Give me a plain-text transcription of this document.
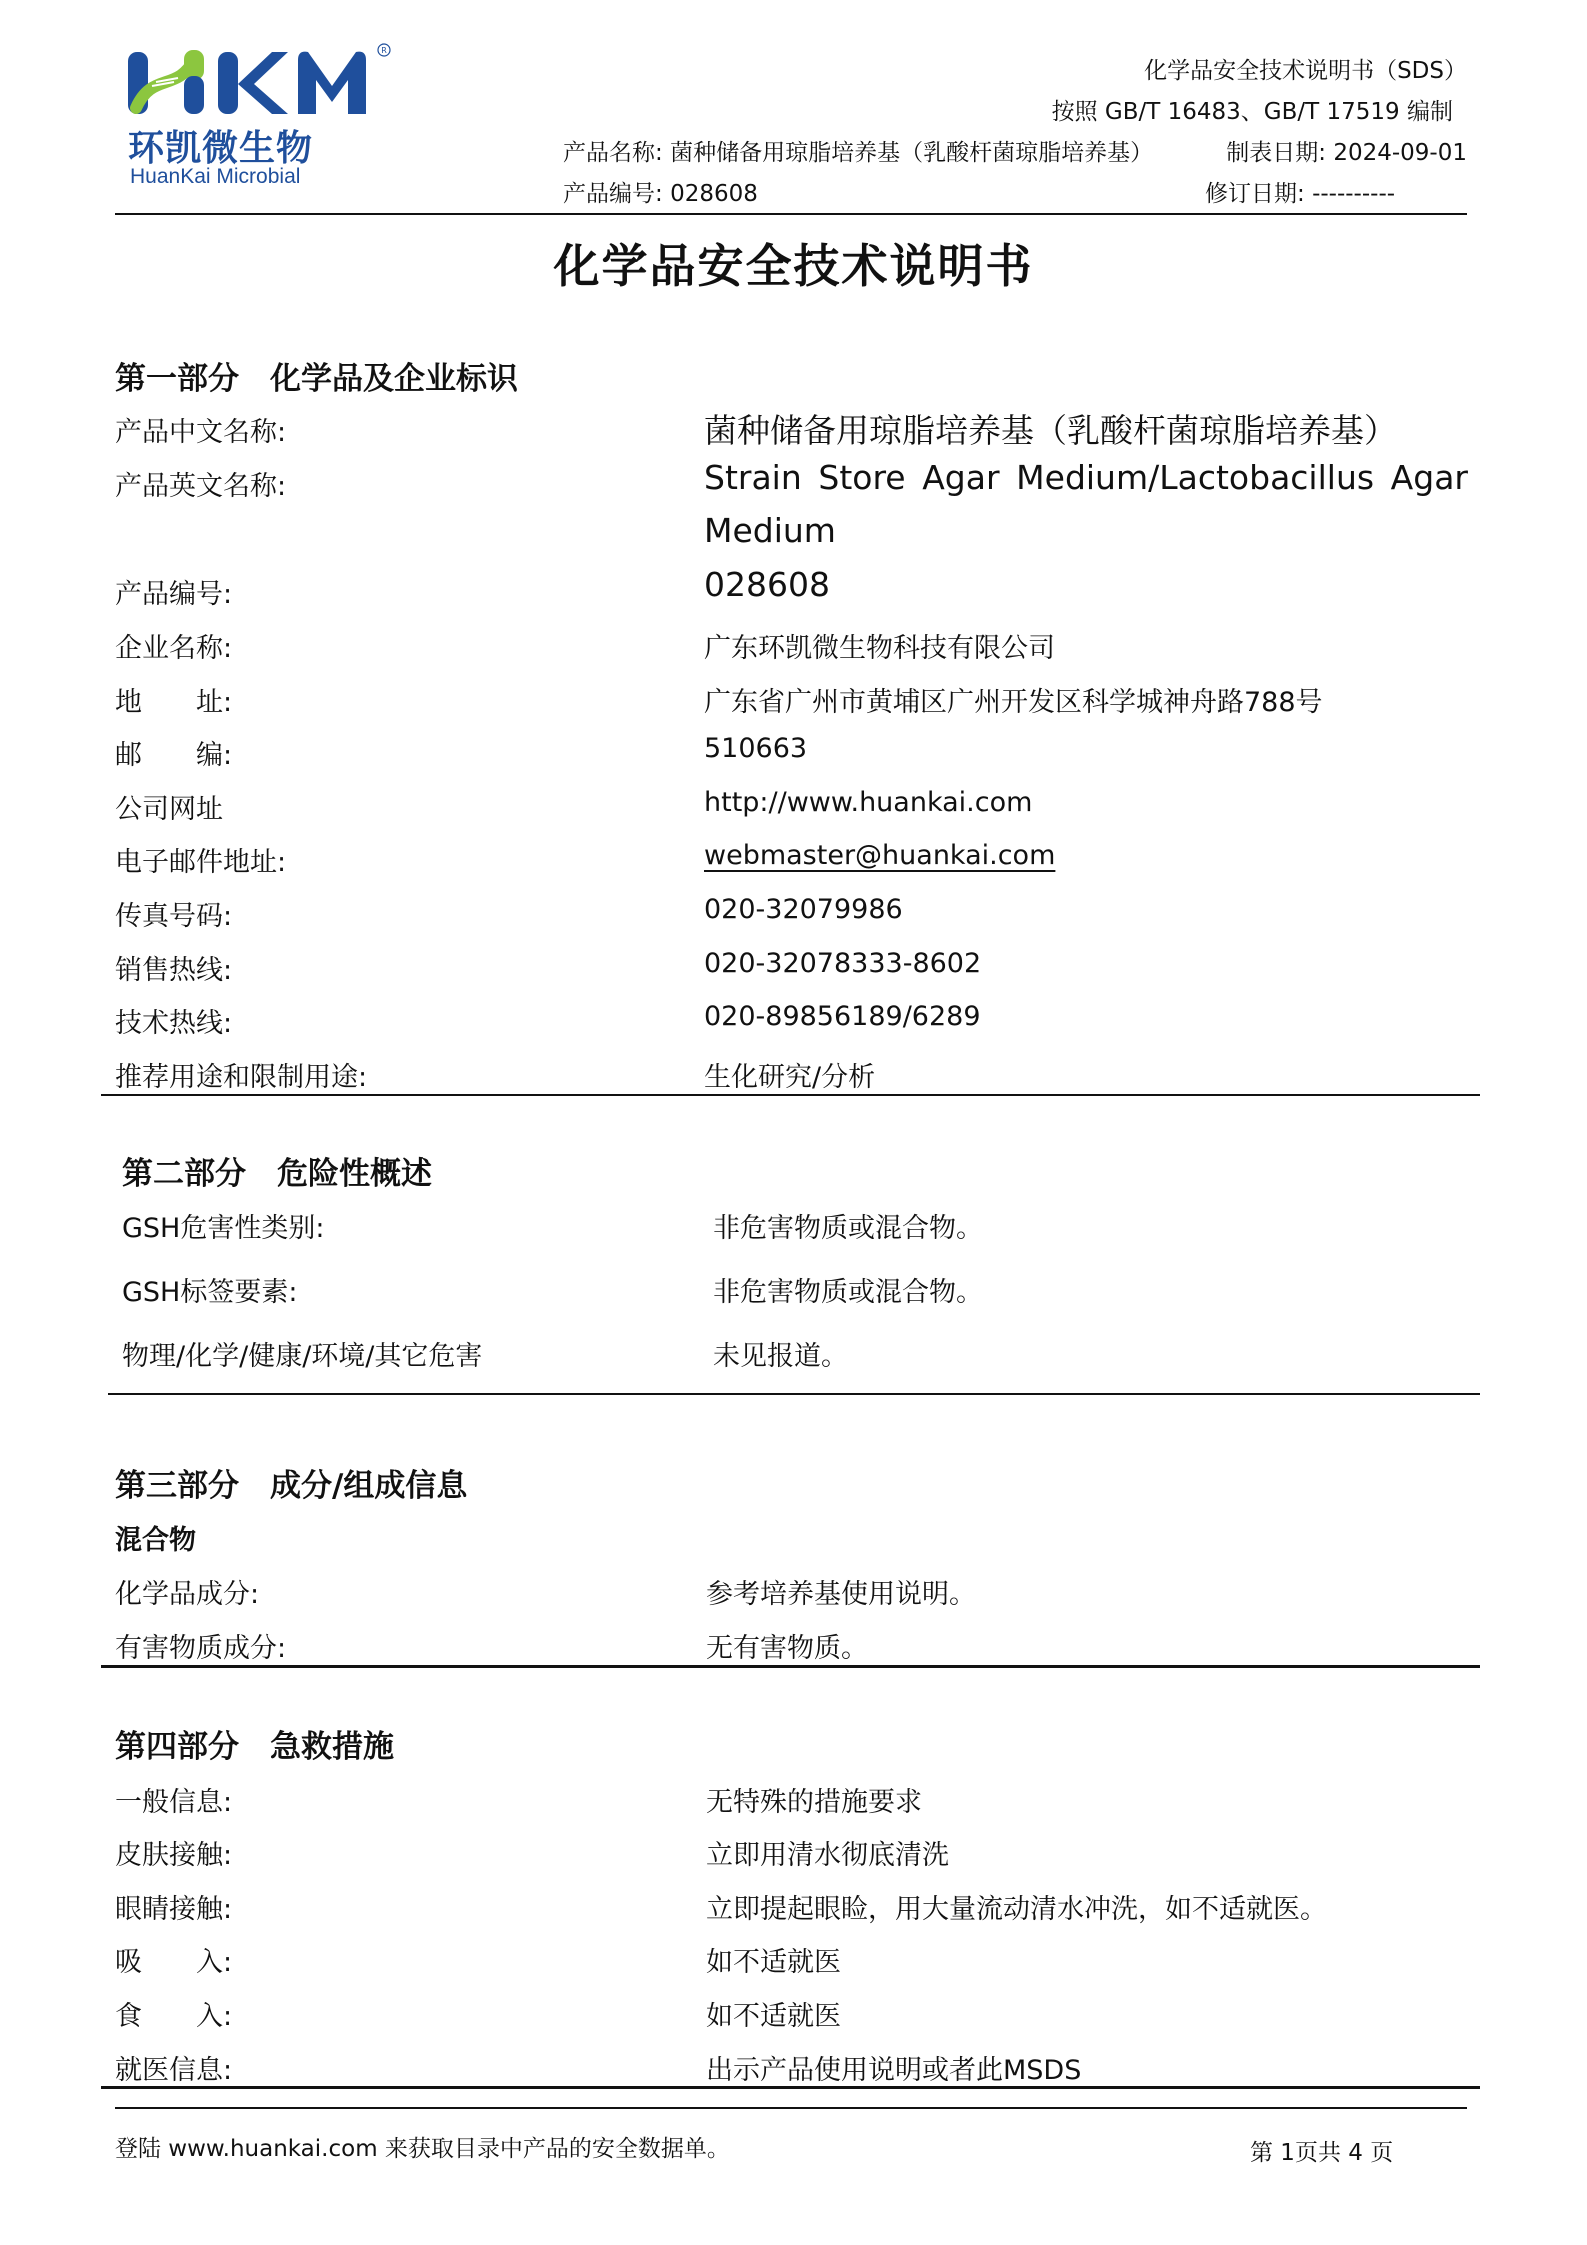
R
环凯微生物
HuanKai Microbial
化学品安全技术说明书（SDS）
按照 GB/T 16483、GB/T 17519 编制
产品名称: 菌种储备用琼脂培养基（乳酸杆菌琼脂培养基）	制表日期: 2024-09-01
产品编号: 028608	修订日期: ----------
化学品安全技术说明书
第一部分　化学品及企业标识
产品中文名称:	菌种储备用琼脂培养基（乳酸杆菌琼脂培养基）
产品英文名称:	Strain Store Agar Medium/Lactobacillus Agar
Medium
产品编号:	028608
企业名称:	广东环凯微生物科技有限公司
地　　址:	广东省广州市黄埔区广州开发区科学城神舟路788号
邮　　编:	510663
公司网址	http://www.huankai.com
电子邮件地址:	webmaster@huankai.com
传真号码:	020-32079986
销售热线:	020-32078333-8602
技术热线:	020-89856189/6289
推荐用途和限制用途:	生化研究/分析
第二部分　危险性概述
GSH危害性类别:	非危害物质或混合物。
GSH标签要素:	非危害物质或混合物。
物理/化学/健康/环境/其它危害	未见报道。
第三部分　成分/组成信息
混合物
化学品成分:	参考培养基使用说明。
有害物质成分:	无有害物质。
第四部分　急救措施
一般信息:	无特殊的措施要求
皮肤接触:	立即用清水彻底清洗
眼睛接触:	立即提起眼睑，用大量流动清水冲洗，如不适就医。
吸　　入:	如不适就医
食　　入:	如不适就医
就医信息:	出示产品使用说明或者此MSDS
登陆 www.huankai.com 来获取目录中产品的安全数据单。	第 1页共 4 页
